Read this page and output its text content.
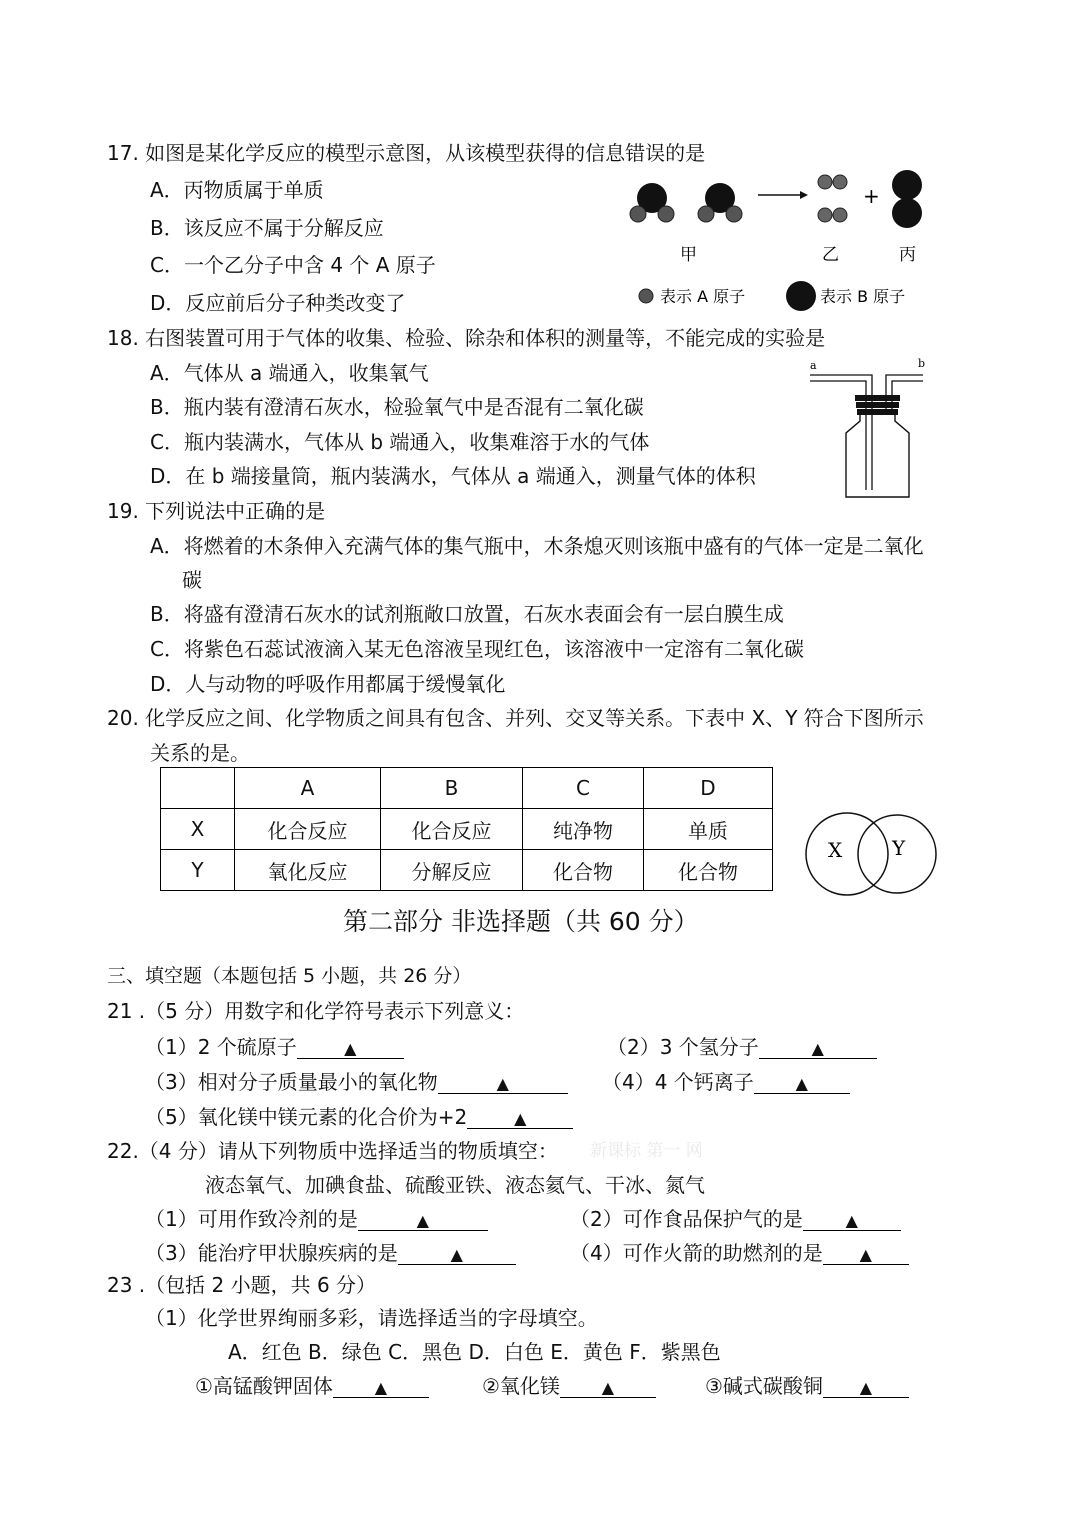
17. 如图是某化学反应的模型示意图，从该模型获得的信息错误的是
A．丙物质属于单质
B．该反应不属于分解反应
C．一个乙分子中含 4 个 A 原子
D．反应前后分子种类改变了
+
甲	乙	丙
表示 A 原子	表示 B 原子
18. 右图装置可用于气体的收集、检验、除杂和体积的测量等，不能完成的实验是
A．气体从 a 端通入，收集氧气
B．瓶内装有澄清石灰水，检验氧气中是否混有二氧化碳
C．瓶内装满水，气体从 b 端通入，收集难溶于水的气体
D．在 b 端接量筒，瓶内装满水，气体从 a 端通入，测量气体的体积
a	b
19. 下列说法中正确的是
A．将燃着的木条伸入充满气体的集气瓶中，木条熄灭则该瓶中盛有的气体一定是二氧化
碳
B．将盛有澄清石灰水的试剂瓶敞口放置，石灰水表面会有一层白膜生成
C．将紫色石蕊试液滴入某无色溶液呈现红色，该溶液中一定溶有二氧化碳
D．人与动物的呼吸作用都属于缓慢氧化
20. 化学反应之间、化学物质之间具有包含、并列、交叉等关系。下表中 X、Y 符合下图所示
关系的是。
	A	B	C	D
X	化合反应	化合反应	纯净物	单质
Y	氧化反应	分解反应	化合物	化合物
X Y
第二部分 非选择题（共 60 分）
三、填空题（本题包括 5 小题，共 26 分）
21 .（5 分）用数字和化学符号表示下列意义：
（1）2 个硫原子	▲	（2）3 个氢分子	▲
（3）相对分子质量最小的氧化物	▲	（4）4 个钙离子	▲
（5）氧化镁中镁元素的化合价为+2	▲
22.（4 分）请从下列物质中选择适当的物质填空： 新课标 第一 网
液态氧气、加碘食盐、硫酸亚铁、液态氦气、干冰、氮气
（1）可用作致冷剂的是	▲	（2）可作食品保护气的是	▲
（3）能治疗甲状腺疾病的是	▲	（4）可作火箭的助燃剂的是 ▲
23 .（包括 2 小题，共 6 分）
（1）化学世界绚丽多彩，请选择适当的字母填空。
A．红色 B．绿色 C．黑色 D．白色 E．黄色 F．紫黑色
①高锰酸钾固体	▲	②氧化镁	▲	③碱式碳酸铜 ▲
